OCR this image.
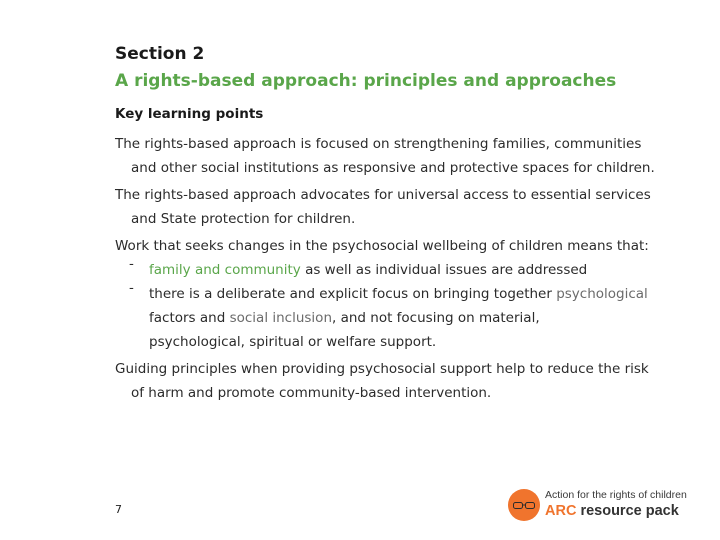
Section 2
A rights-based approach: principles and approaches
Key learning points
The rights-based approach is focused on strengthening families, communities
and other social institutions as responsive and protective spaces for children.
The rights-based approach advocates for universal access to essential services
and State protection for children.
Work that seeks changes in the psychosocial wellbeing of children means that:
- family and community as well as individual issues are addressed
- there is a deliberate and explicit focus on bringing together psychological
factors and social inclusion, and not focusing on material,
psychological, spiritual or welfare support.
Guiding principles when providing psychosocial support help to reduce the risk
of harm and promote community-based intervention.
7
Action for the rights of children
ARC resource pack
